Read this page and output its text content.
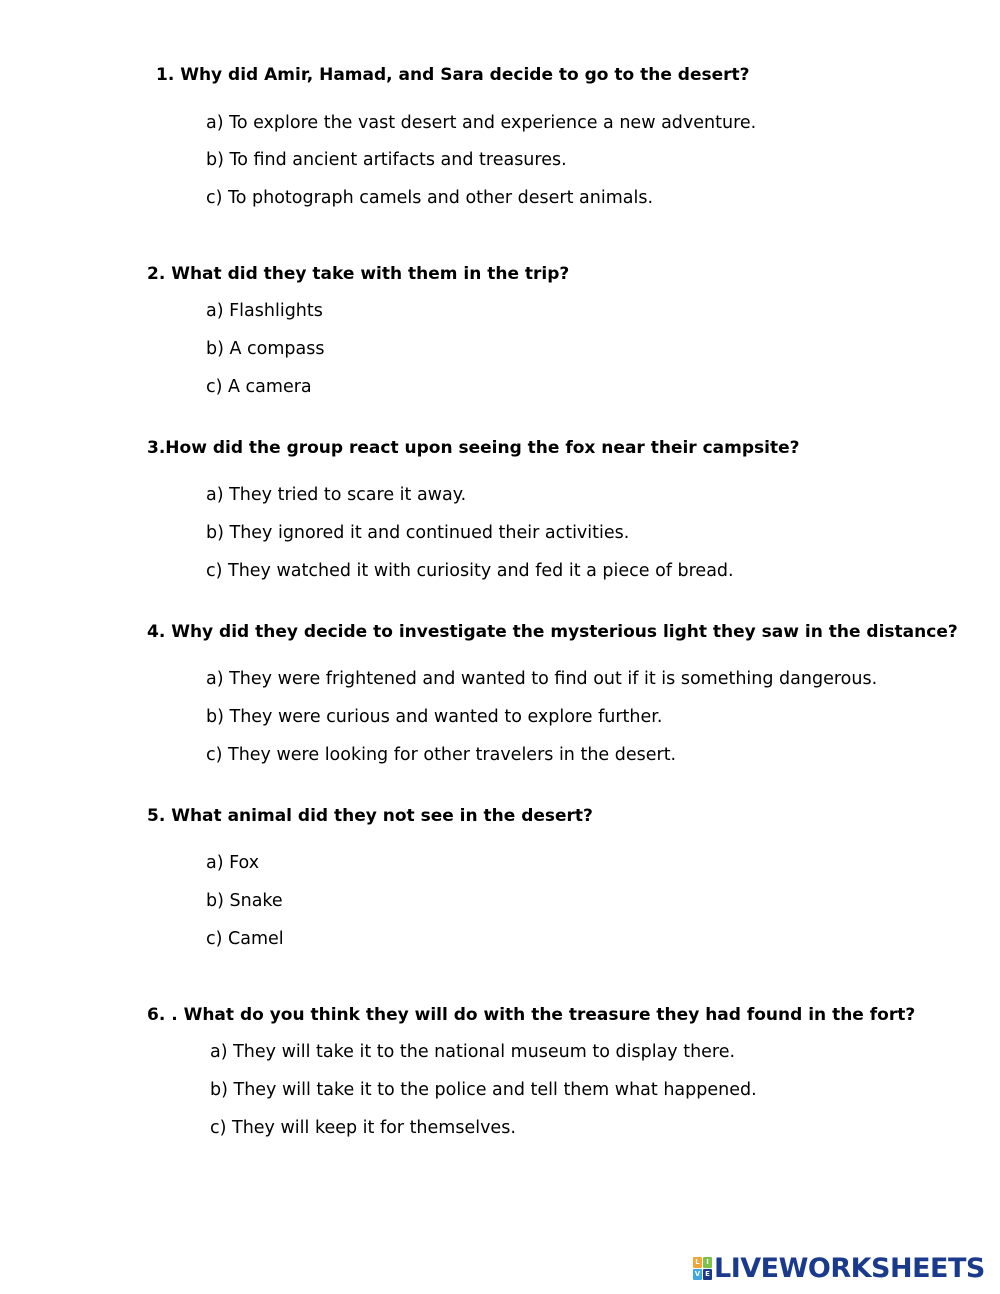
1. Why did Amir, Hamad, and Sara decide to go to the desert?

a) To explore the vast desert and experience a new adventure.

b) To find ancient artifacts and treasures.

c) To photograph camels and other desert animals.

2. What did they take with them in the trip?

a) Flashlights

b) A compass

c) A camera

3.How did the group react upon seeing the fox near their campsite?

a) They tried to scare it away.

b) They ignored it and continued their activities.

c) They watched it with curiosity and fed it a piece of bread.

4. Why did they decide to investigate the mysterious light they saw in the distance?

a) They were frightened and wanted to find out if it is something dangerous.

b) They were curious and wanted to explore further.

c) They were looking for other travelers in the desert.

5. What animal did they not see in the desert?

a) Fox

b) Snake

c) Camel

6. . What do you think they will do with the treasure they had found in the fort?

a) They will take it to the national museum to display there.

b) They will take it to the police and tell them what happened.

c) They will keep it for themselves.

L I
V E LIVEWORKSHEETS
